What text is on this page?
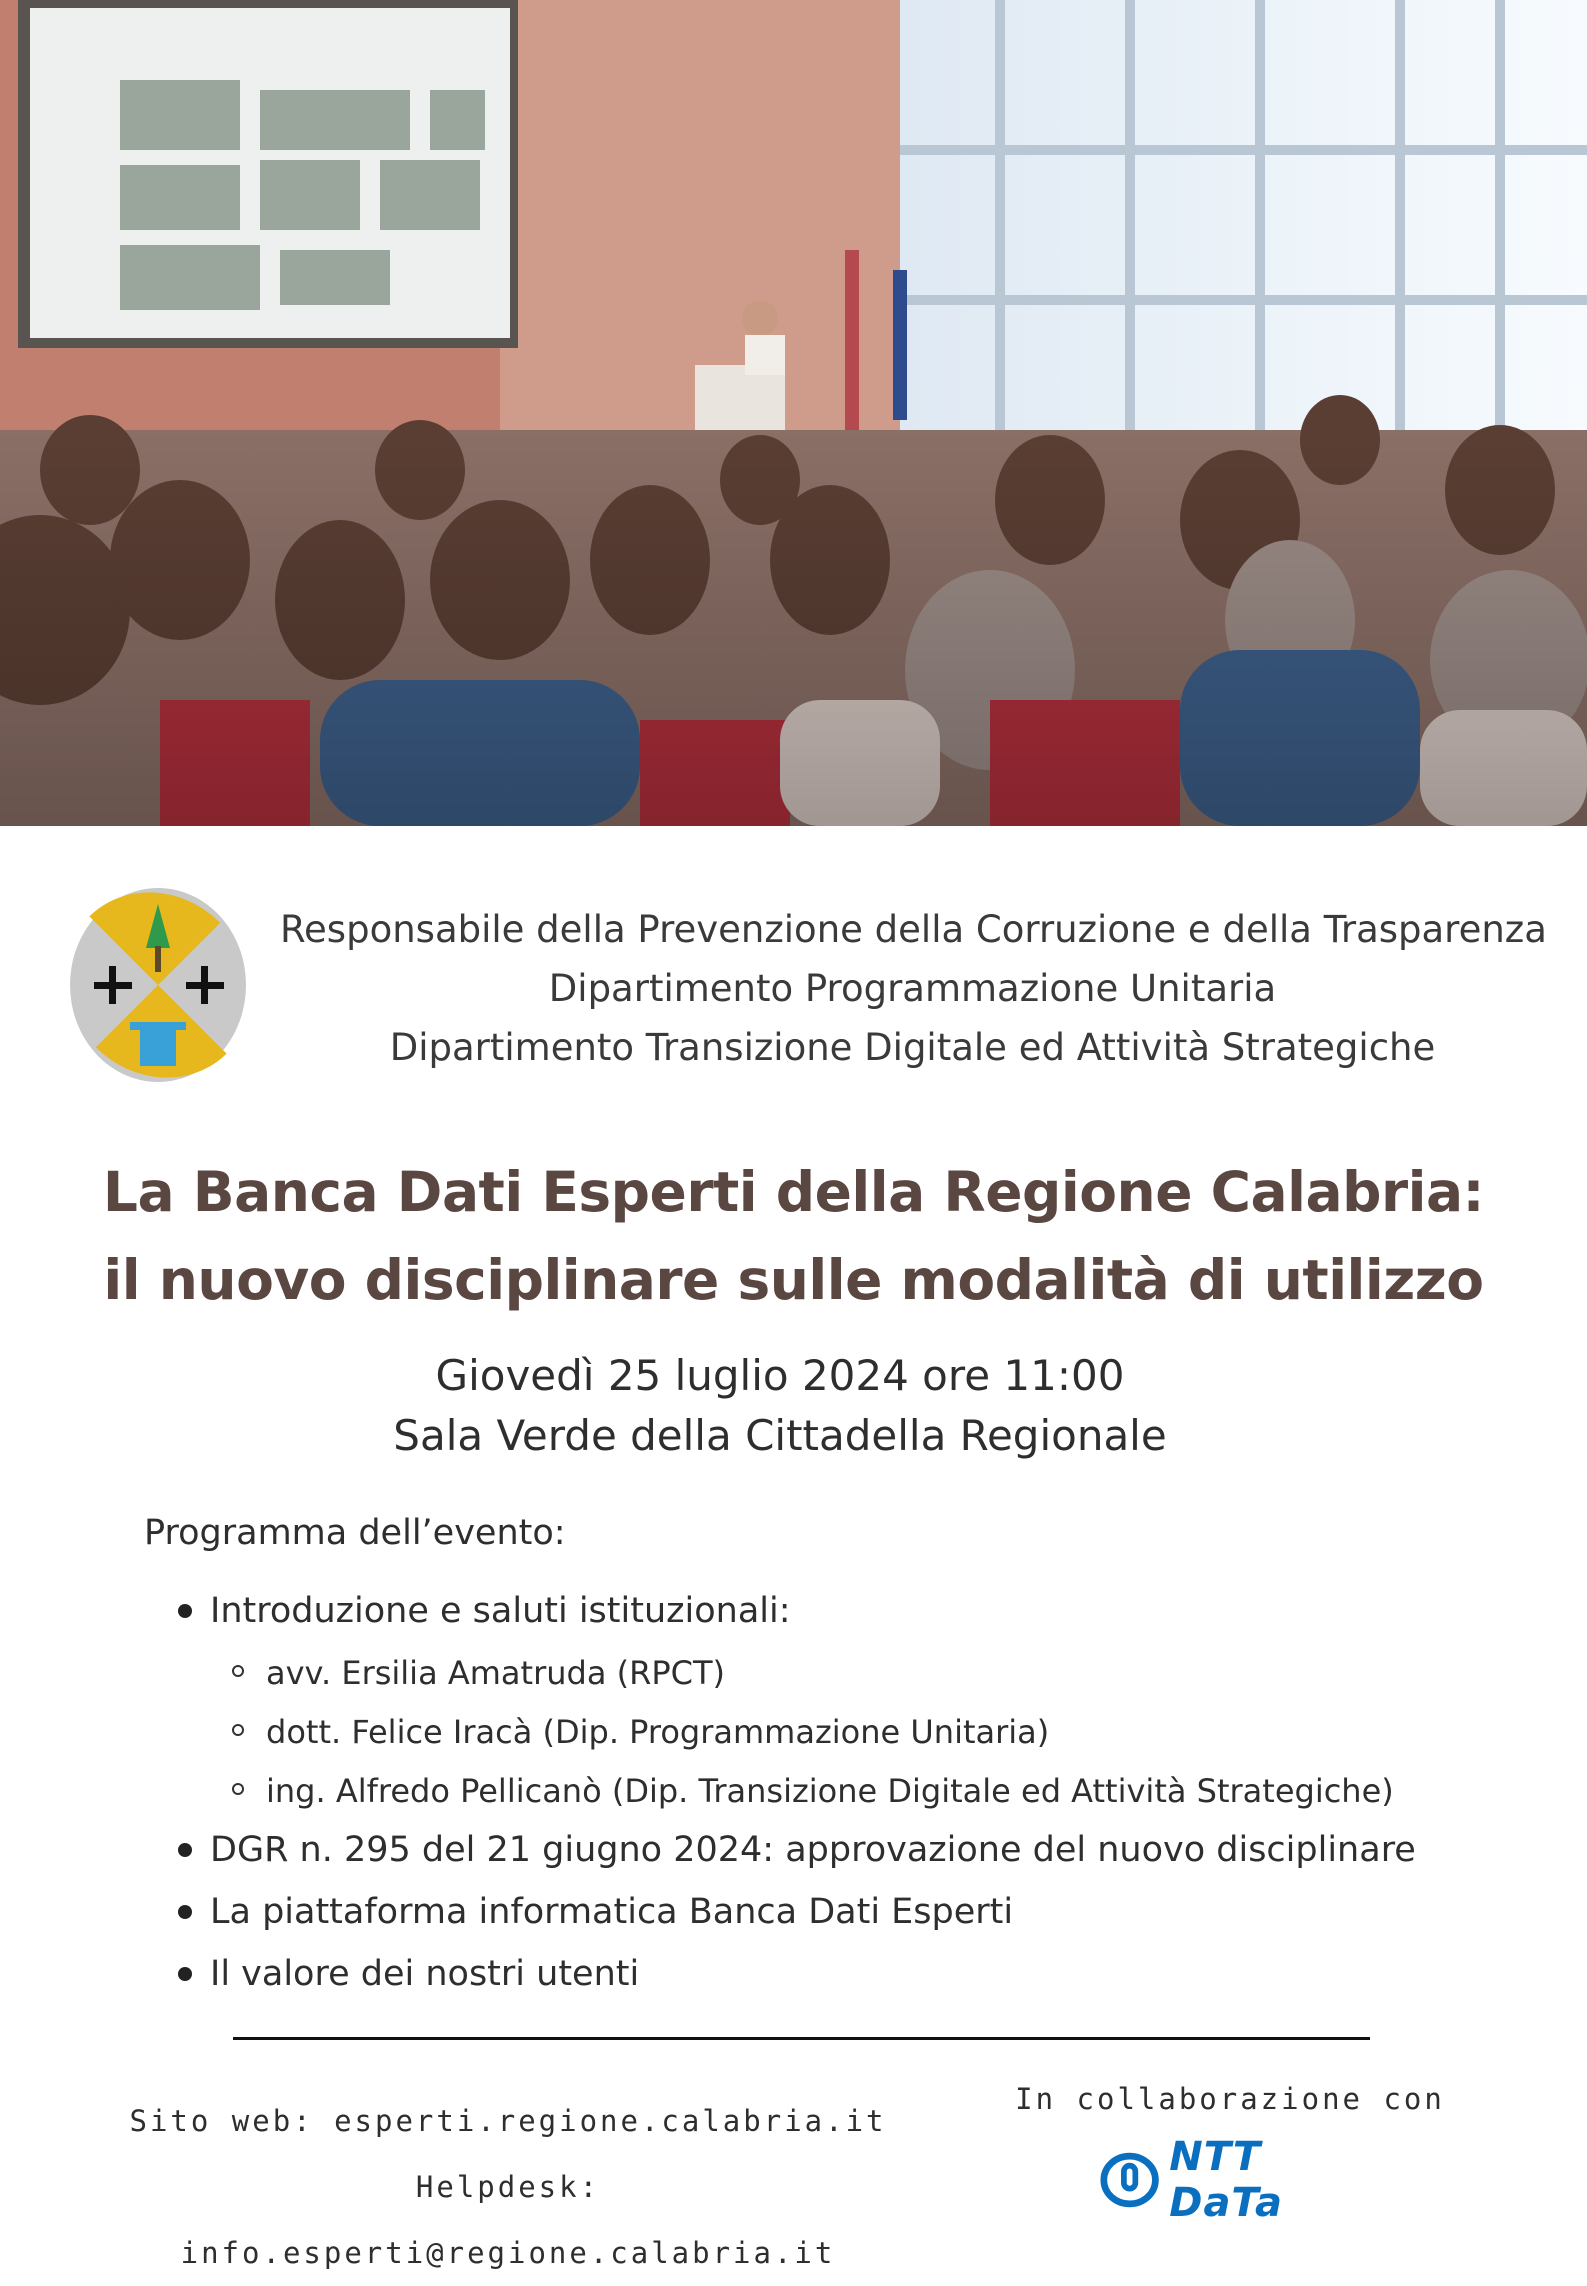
Responsabile della Prevenzione della Corruzione e della Trasparenza
Dipartimento Programmazione Unitaria
Dipartimento Transizione Digitale ed Attività Strategiche
La Banca Dati Esperti della Regione Calabria:
il nuovo disciplinare sulle modalità di utilizzo
Giovedì 25 luglio 2024 ore 11:00
Sala Verde della Cittadella Regionale
Programma dell’evento:
Introduzione e saluti istituzionali:
avv. Ersilia Amatruda (RPCT)
dott. Felice Iracà (Dip. Programmazione Unitaria)
ing. Alfredo Pellicanò (Dip. Transizione Digitale ed Attività Strategiche)
DGR n. 295 del 21 giugno 2024: approvazione del nuovo disciplinare
La piattaforma informatica Banca Dati Esperti
Il valore dei nostri utenti
Sito web: esperti.regione.calabria.it
Helpdesk: info.esperti@regione.calabria.it
In collaborazione con
NTT DaTa
